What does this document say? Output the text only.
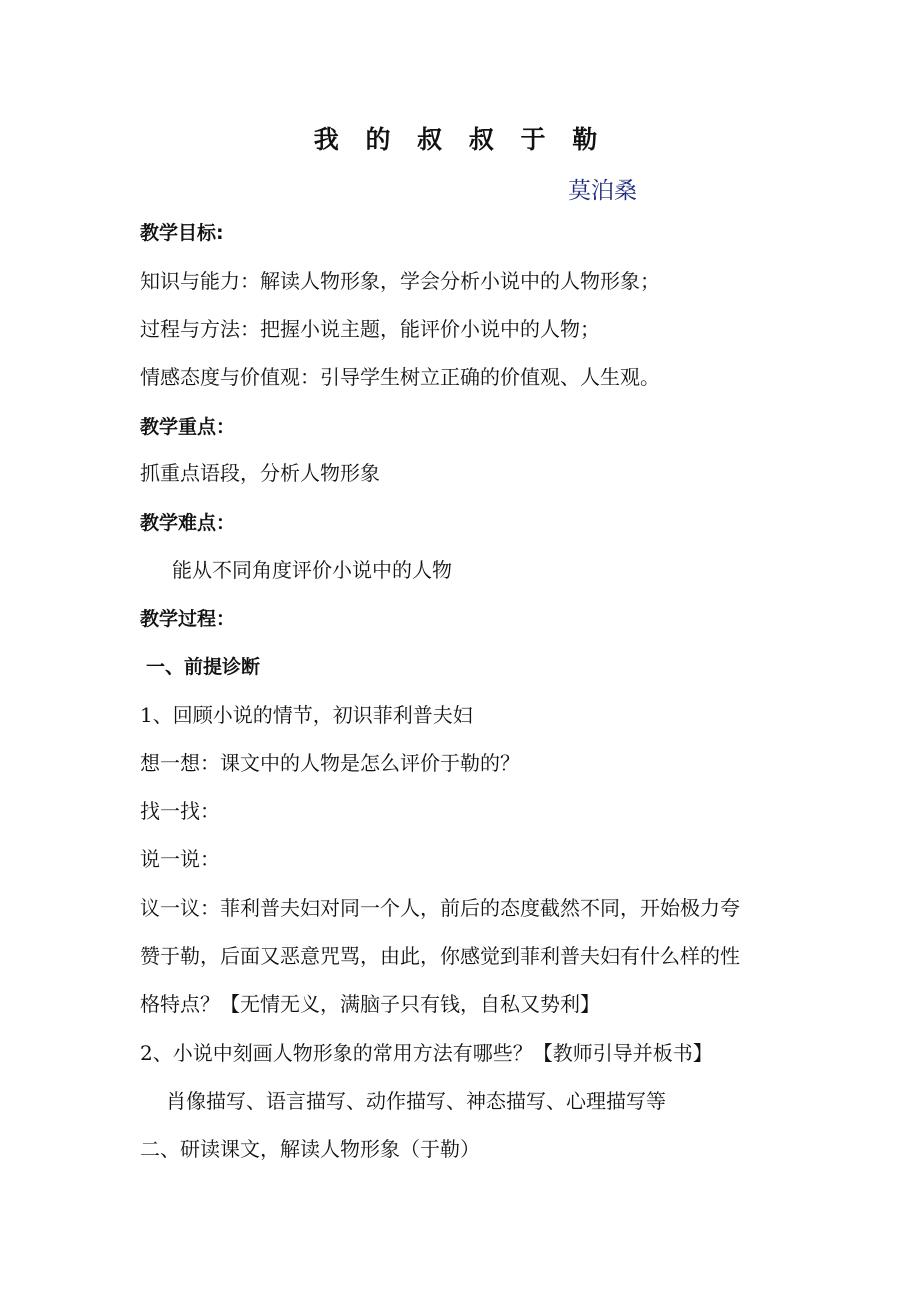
我 的 叔 叔 于 勒

莫泊桑

教学目标:

知识与能力：解读人物形象，学会分析小说中的人物形象；

过程与方法：把握小说主题，能评价小说中的人物；

情感态度与价值观：引导学生树立正确的价值观、人生观。

教学重点：

抓重点语段，分析人物形象

教学难点：

能从不同角度评价小说中的人物

教学过程：

一、前提诊断

1、回顾小说的情节，初识菲利普夫妇

想一想：课文中的人物是怎么评价于勒的？

找一找：

说一说：

议一议：菲利普夫妇对同一个人，前后的态度截然不同，开始极力夸

赞于勒，后面又恶意咒骂，由此，你感觉到菲利普夫妇有什么样的性

格特点？【无情无义，满脑子只有钱，自私又势利】

2、小说中刻画人物形象的常用方法有哪些？【教师引导并板书】

肖像描写、语言描写、动作描写、神态描写、心理描写等

二、研读课文，解读人物形象（于勒）
